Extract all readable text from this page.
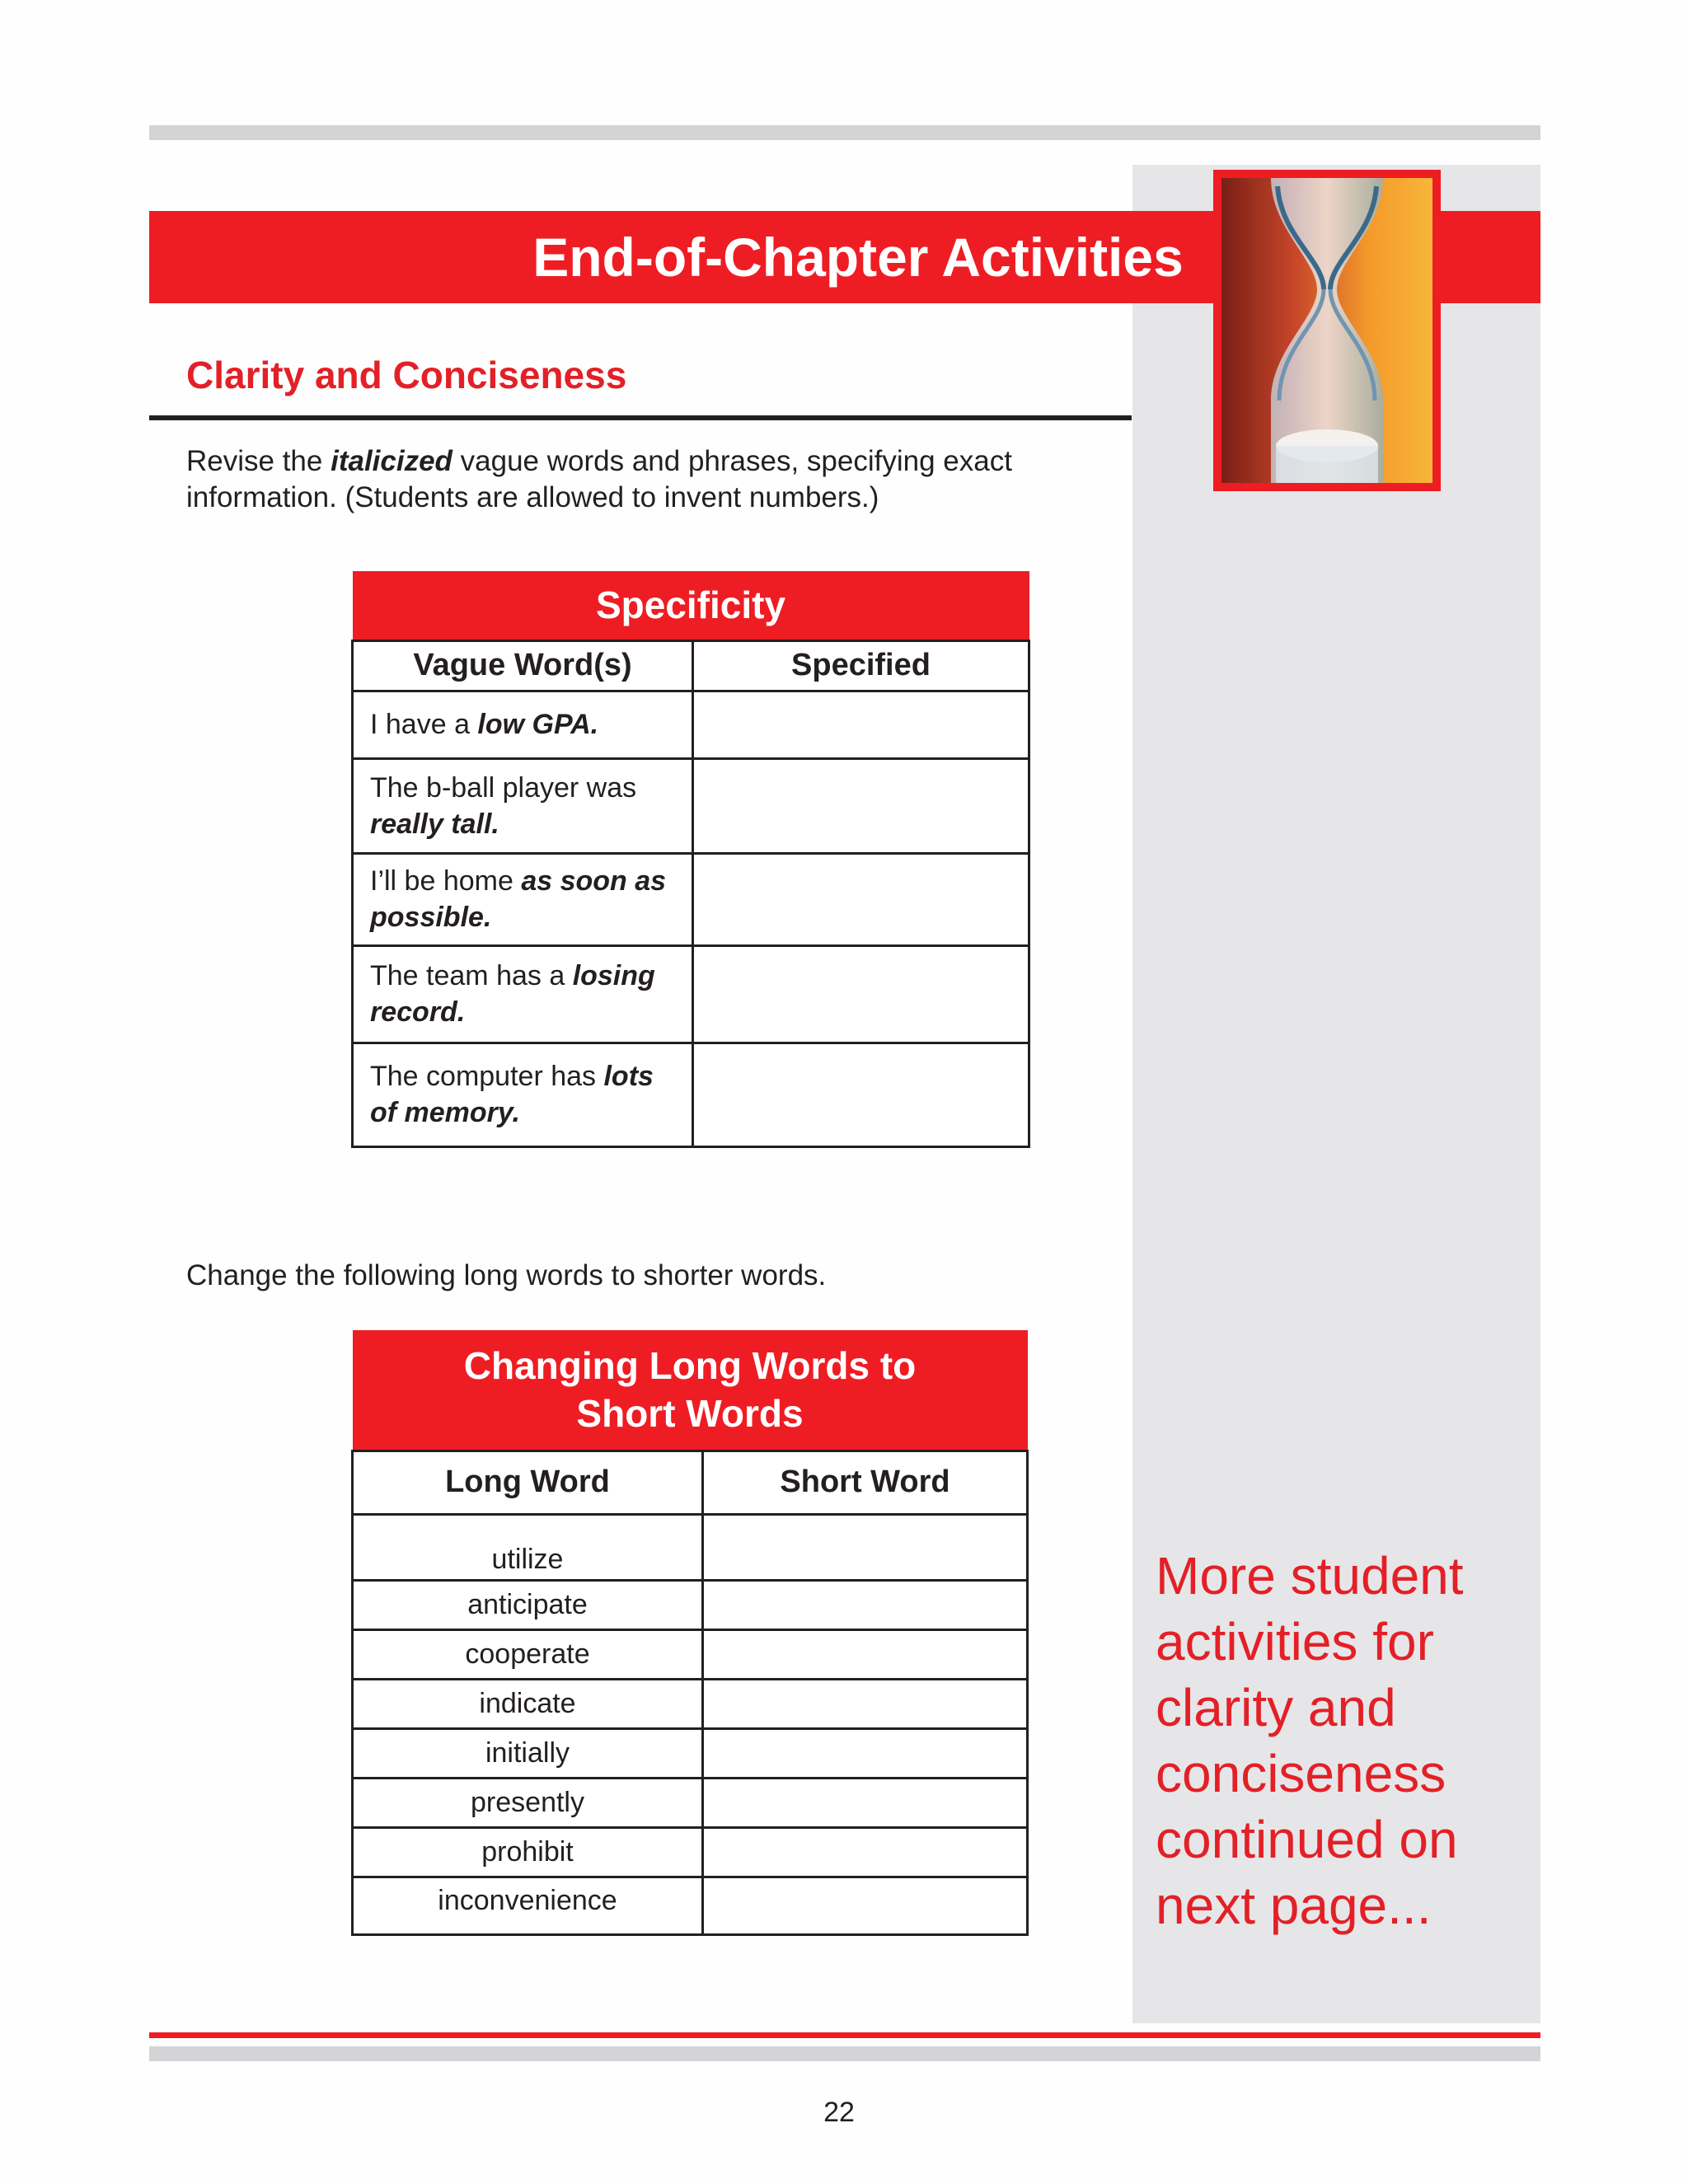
End-of-Chapter Activities
Clarity and Conciseness
Revise the italicized vague words and phrases, specifying exact
information. (Students are allowed to invent numbers.)
Specificity	
Vague Word(s)	Specified
I have a low GPA.	
The b-ball player was really tall.	
I’ll be home as soon as possible.	
The team has a losing record.	
The computer has lots of memory.	
Change the following long words to shorter words.
Changing Long Words to
Short Words	
Long Word	Short Word
utilize	
anticipate	
cooperate	
indicate	
initially	
presently	
prohibit	
inconvenience	
More student
activities for
clarity and
conciseness
continued on
next page...
22
